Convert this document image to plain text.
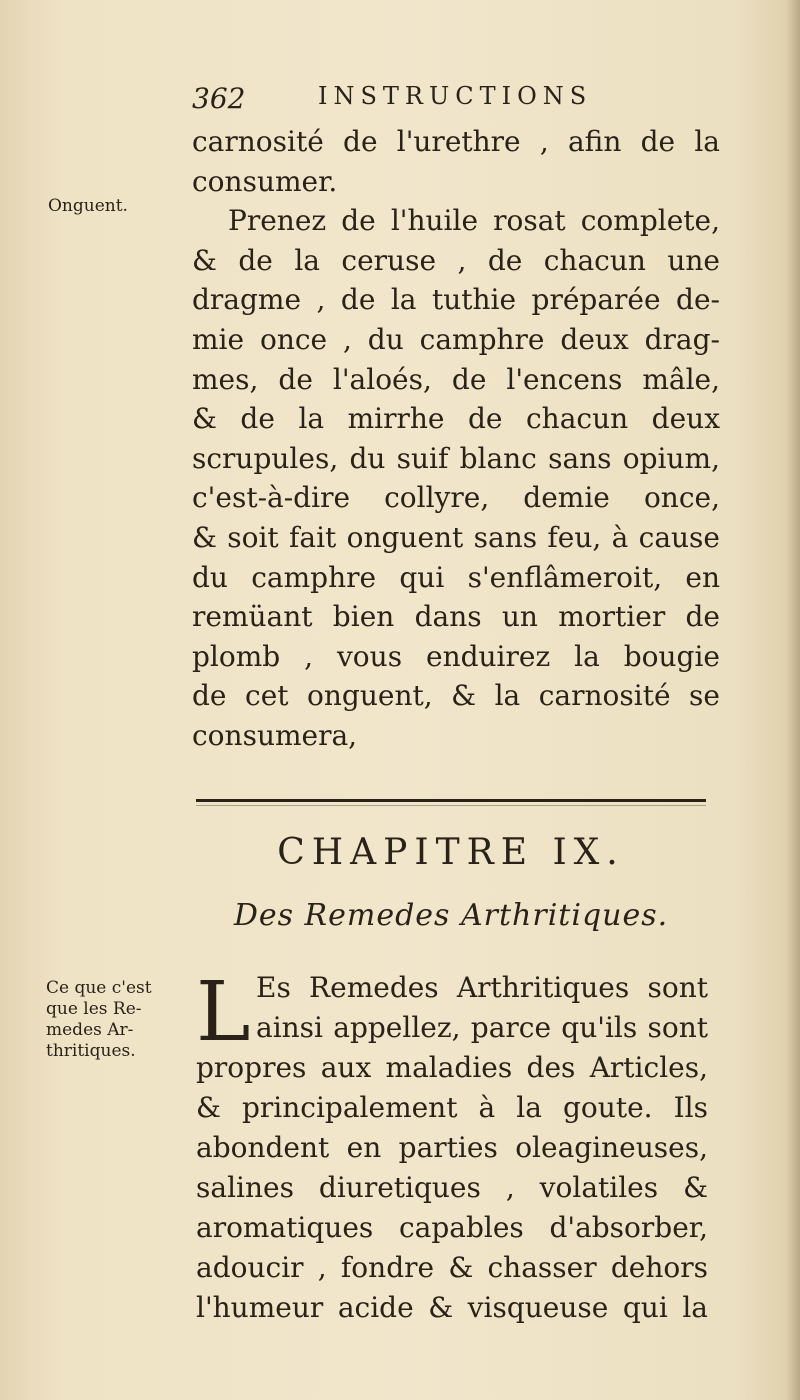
362	INSTRUCTIONS
Onguent.
carnosité de l'urethre , afin de la
consumer.
Prenez de l'huile rosat complete,
& de la ceruse , de chacun une
dragme , de la tuthie préparée de-
mie once , du camphre deux drag-
mes, de l'aloés, de l'encens mâle,
& de la mirrhe de chacun deux
scrupules, du suif blanc sans opium,
c'est-à-dire collyre, demie once,
& soit fait onguent sans feu, à cause
du camphre qui s'enflâmeroit, en
remüant bien dans un mortier de
plomb , vous enduirez la bougie
de cet onguent, & la carnosité se
consumera,
CHAPITRE IX.
Des Remedes Arthritiques.
Ce que c'est
que les Re-
medes Ar-
thritiques. L Es Remedes Arthritiques sont
ainsi appellez, parce qu'ils sont
propres aux maladies des Articles,
& principalement à la goute. Ils
abondent en parties oleagineuses,
salines diuretiques , volatiles &
aromatiques capables d'absorber,
adoucir , fondre & chasser dehors
l'humeur acide & visqueuse qui la
